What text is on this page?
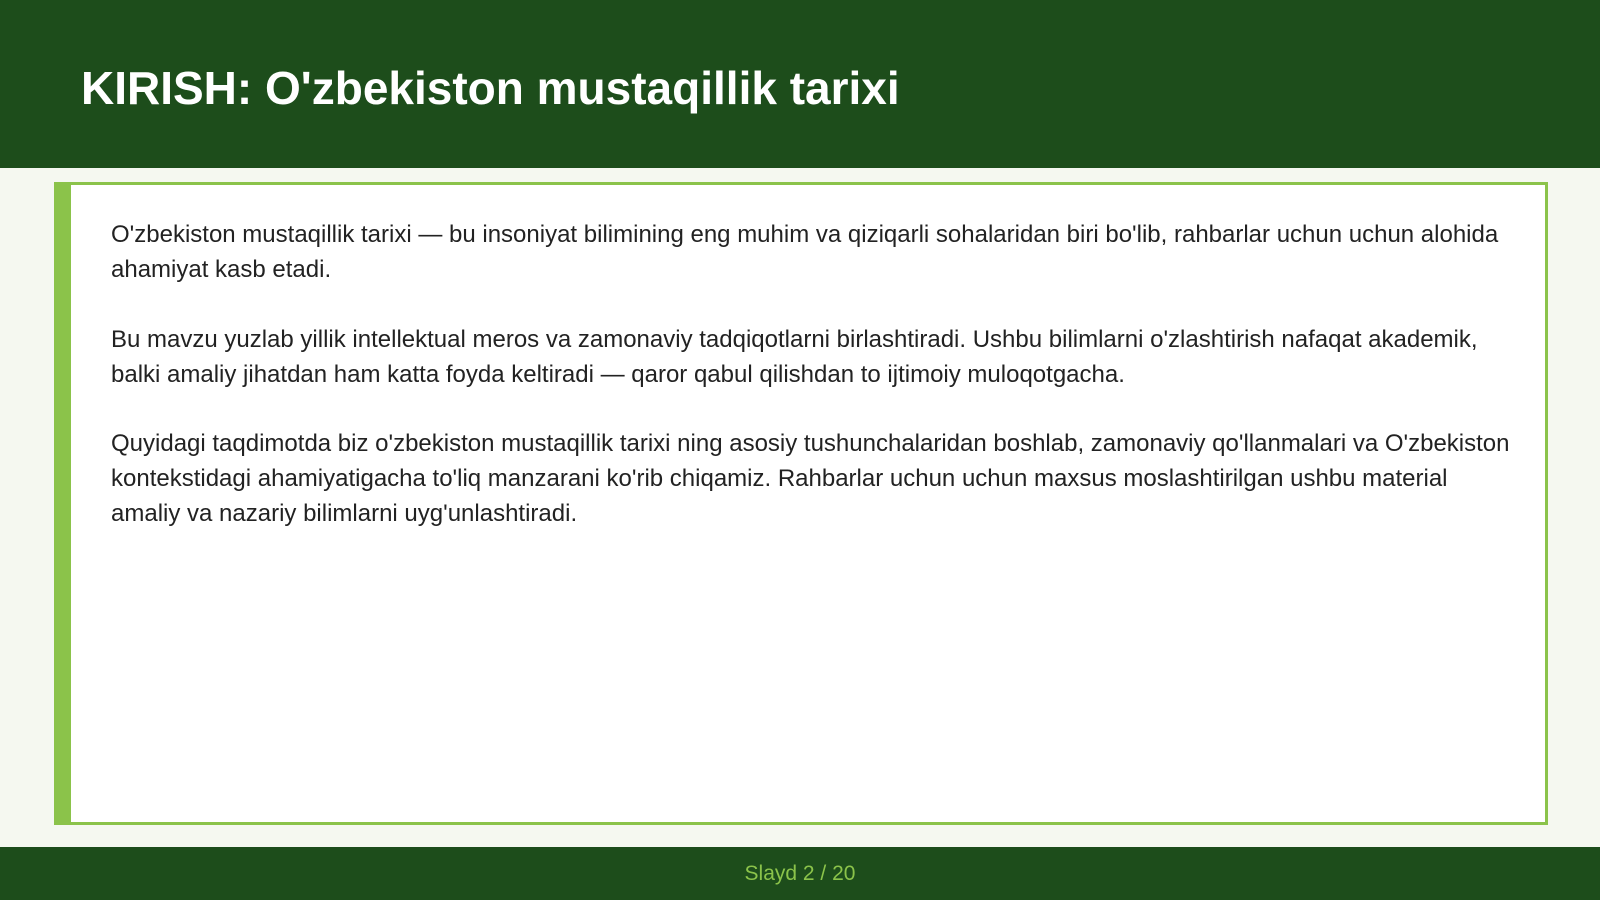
KIRISH: O'zbekiston mustaqillik tarixi

O'zbekiston mustaqillik tarixi — bu insoniyat bilimining eng muhim va qiziqarli sohalaridan biri bo'lib, rahbarlar uchun uchun alohida ahamiyat kasb etadi.

Bu mavzu yuzlab yillik intellektual meros va zamonaviy tadqiqotlarni birlashtiradi. Ushbu bilimlarni o'zlashtirish nafaqat akademik, balki amaliy jihatdan ham katta foyda keltiradi — qaror qabul qilishdan to ijtimoiy muloqotgacha.

Quyidagi taqdimotda biz o'zbekiston mustaqillik tarixi ning asosiy tushunchalaridan boshlab, zamonaviy qo'llanmalari va O'zbekiston kontekstidagi ahamiyatigacha to'liq manzarani ko'rib chiqamiz. Rahbarlar uchun uchun maxsus moslashtirilgan ushbu material amaliy va nazariy bilimlarni uyg'unlashtiradi.

Slayd 2 / 20
